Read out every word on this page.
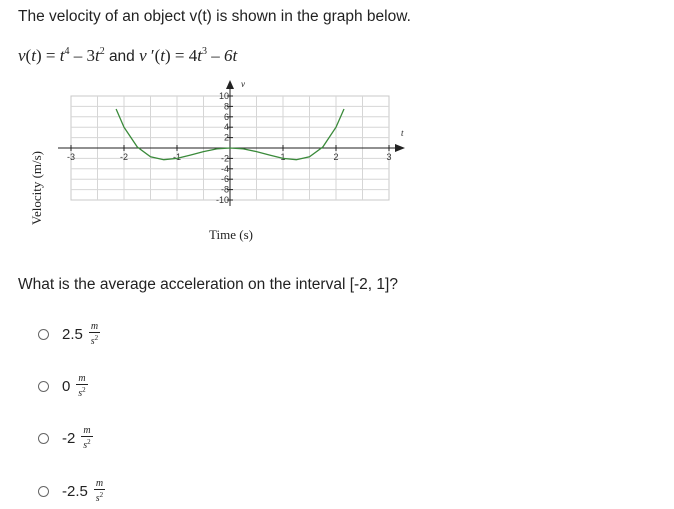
The velocity of an object v(t) is shown in the graph below.
$v(t) = t^4 - 3t^2$ and v $'(t) = 4t^3 - 6t$
Velocity (m/s)	-3	-2	-1	1	2	3
10
8
6
4
2
-2
-4
-6
-8
-10
t
v
Time (s)
What is the average acceleration on the interval [-2, 1]?
$2.5 \frac{m}{s^2}$
$0 \frac{m}{s^2}$
$-2 \frac{m}{s^2}$
$-2.5 \frac{m}{s^2}$
